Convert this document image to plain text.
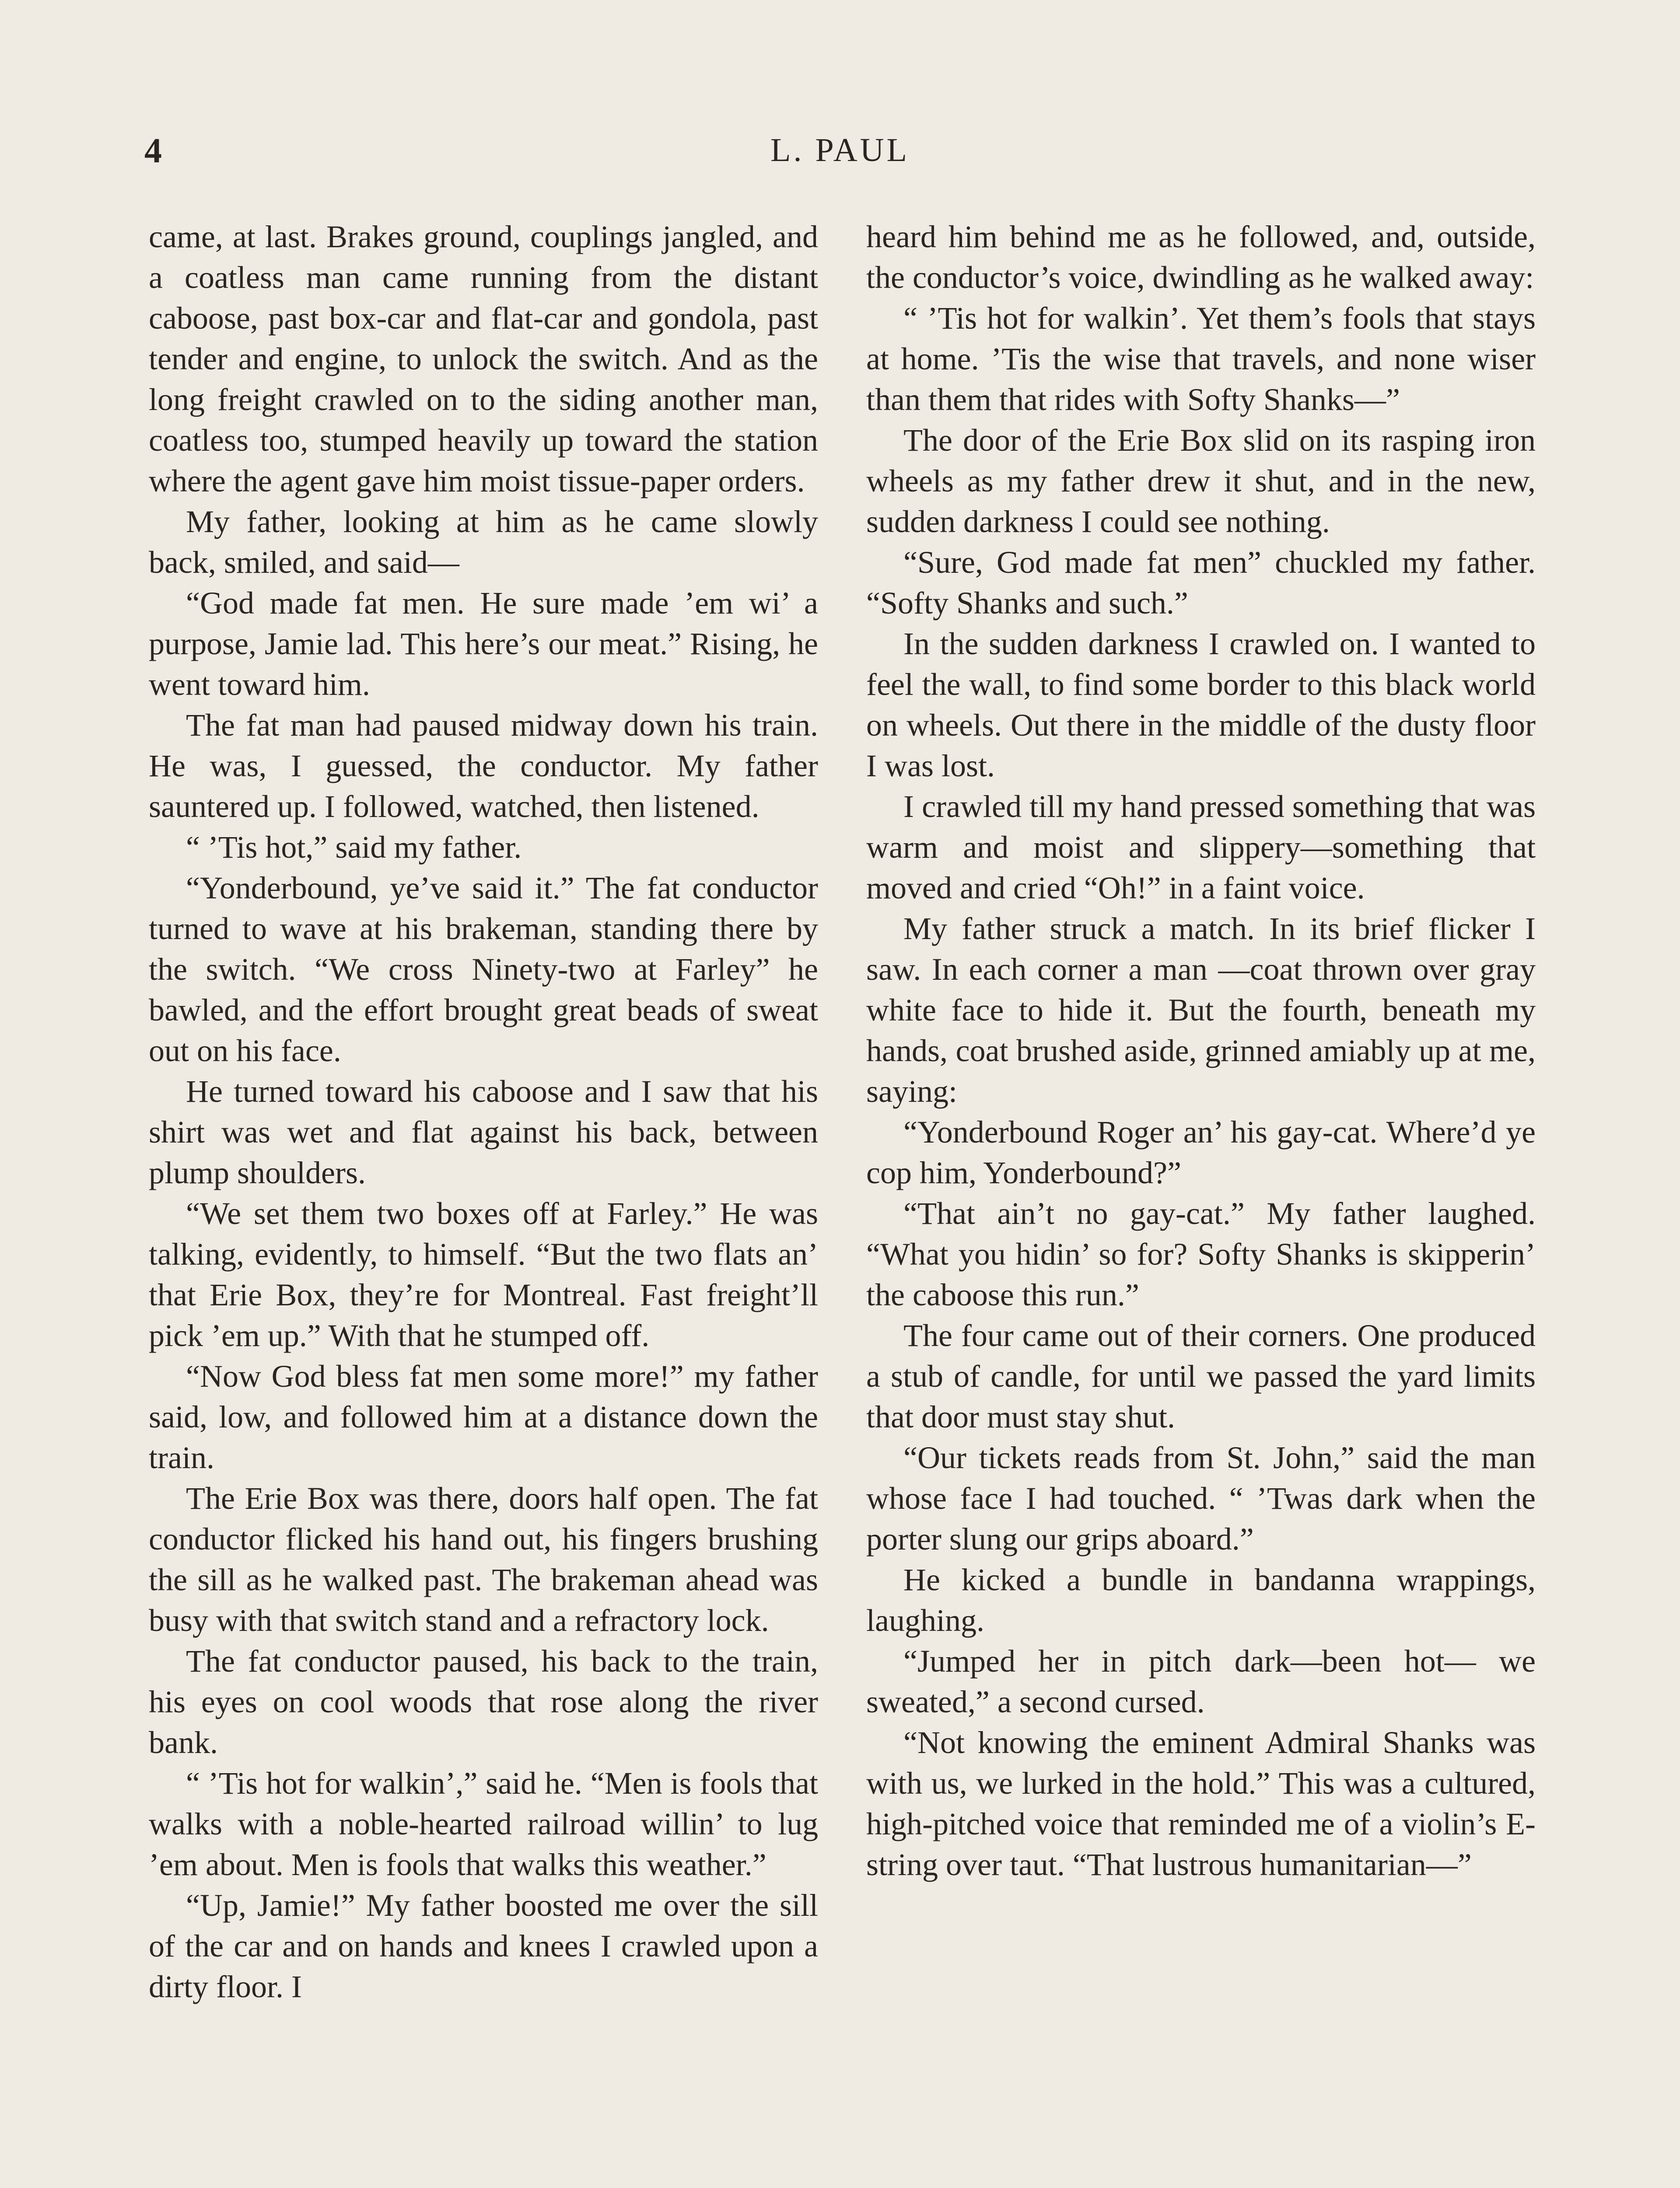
4	L. PAUL

came, at last. Brakes ground, couplings jangled, and a coatless man came running from the distant caboose, past box-car and flat-car and gondola, past tender and engine, to unlock the switch. And as the long freight crawled on to the siding another man, coatless too, stumped heavily up toward the station where the agent gave him moist tissue-paper orders.

My father, looking at him as he came slowly back, smiled, and said—

“God made fat men. He sure made ’em wi’ a purpose, Jamie lad. This here’s our meat.” Rising, he went toward him.

The fat man had paused midway down his train. He was, I guessed, the conductor. My father sauntered up. I followed, watched, then listened.

“ ’Tis hot,” said my father.

“Yonderbound, ye’ve said it.” The fat conductor turned to wave at his brakeman, standing there by the switch. “We cross Ninety-two at Farley” he bawled, and the effort brought great beads of sweat out on his face.

He turned toward his caboose and I saw that his shirt was wet and flat against his back, between plump shoulders.

“We set them two boxes off at Farley.” He was talking, evidently, to himself. “But the two flats an’ that Erie Box, they’re for Montreal. Fast freight’ll pick ’em up.” With that he stumped off.

“Now God bless fat men some more!” my father said, low, and followed him at a distance down the train.

The Erie Box was there, doors half open. The fat conductor flicked his hand out, his fingers brushing the sill as he walked past. The brakeman ahead was busy with that switch stand and a refractory lock.

The fat conductor paused, his back to the train, his eyes on cool woods that rose along the river bank.

“ ’Tis hot for walkin’,” said he. “Men is fools that walks with a noble-hearted railroad willin’ to lug ’em about. Men is fools that walks this weather.”

“Up, Jamie!” My father boosted me over the sill of the car and on hands and knees I crawled upon a dirty floor. I

heard him behind me as he followed, and, outside, the conductor’s voice, dwindling as he walked away:

“ ’Tis hot for walkin’. Yet them’s fools that stays at home. ’Tis the wise that travels, and none wiser than them that rides with Softy Shanks—”

The door of the Erie Box slid on its rasping iron wheels as my father drew it shut, and in the new, sudden darkness I could see nothing.

“Sure, God made fat men” chuckled my father. “Softy Shanks and such.”

In the sudden darkness I crawled on. I wanted to feel the wall, to find some border to this black world on wheels. Out there in the middle of the dusty floor I was lost.

I crawled till my hand pressed something that was warm and moist and slippery—something that moved and cried “Oh!” in a faint voice.

My father struck a match. In its brief flicker I saw. In each corner a man —coat thrown over gray white face to hide it. But the fourth, beneath my hands, coat brushed aside, grinned amiably up at me, saying:

“Yonderbound Roger an’ his gay-cat. Where’d ye cop him, Yonderbound?”

“That ain’t no gay-cat.” My father laughed. “What you hidin’ so for? Softy Shanks is skipperin’ the caboose this run.”

The four came out of their corners. One produced a stub of candle, for until we passed the yard limits that door must stay shut.

“Our tickets reads from St. John,” said the man whose face I had touched. “ ’Twas dark when the porter slung our grips aboard.”

He kicked a bundle in bandanna wrappings, laughing.

“Jumped her in pitch dark—been hot— we sweated,” a second cursed.

“Not knowing the eminent Admiral Shanks was with us, we lurked in the hold.” This was a cultured, high-pitched voice that reminded me of a violin’s E-string over taut. “That lustrous humanitarian—”
